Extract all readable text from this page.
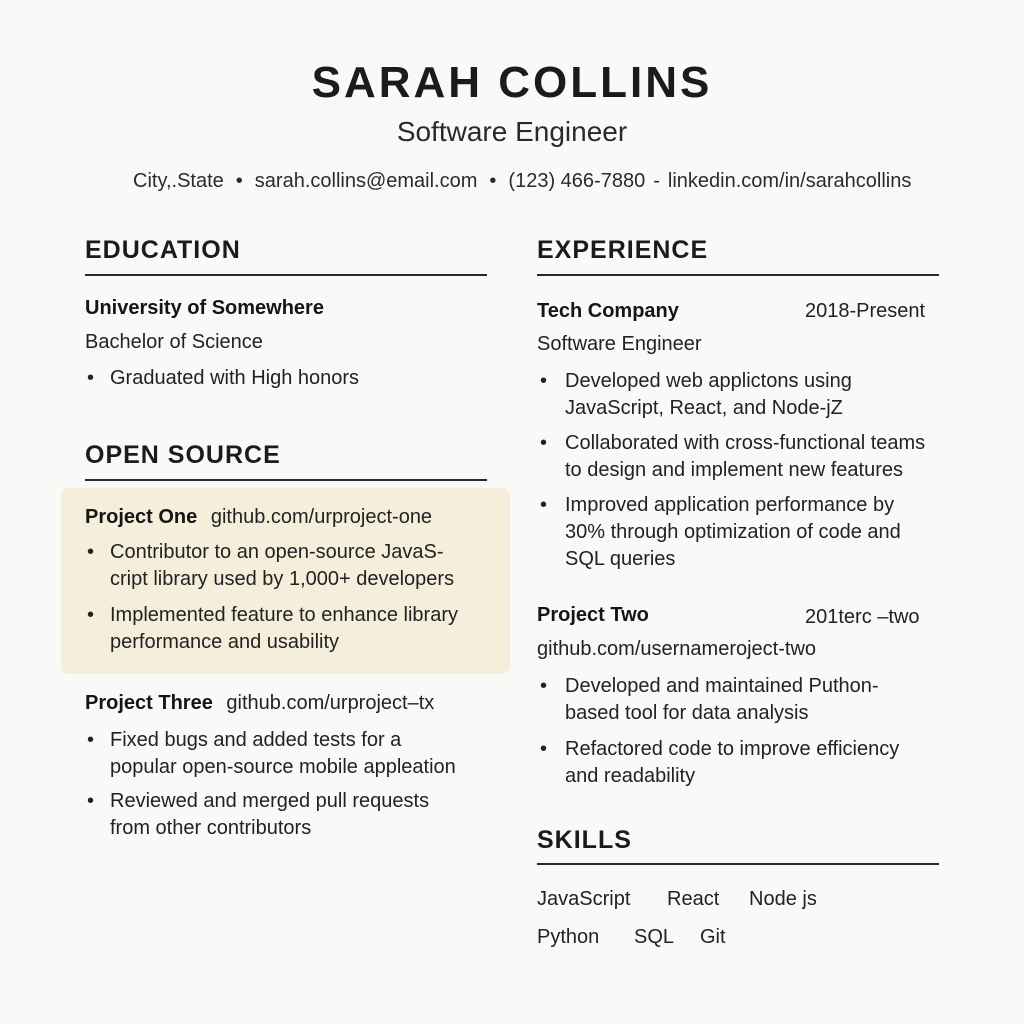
SARAH COLLINS
Software Engineer
City,.State • sarah.collins@email.com • (123) 466-7880 - linkedin.com/in/sarahcollins
EDUCATION
University of Somewhere
Bachelor of Science
• Graduated with High honors
OPEN SOURCE
Project One github.com/urproject-one
• Contributor to an open-source JavaS-
cript library used by 1,000+ developers
• Implemented feature to enhance library
performance and usability
Project Three github.com/urproject–tx
• Fixed bugs and added tests for a
popular open-source mobile appleation
• Reviewed and merged pull requests
from other contributors
EXPERIENCE
Tech Company	2018-Present
Software Engineer
• Developed web applictons using
JavaScript, React, and Node-jZ
• Collaborated with cross-functional teams
to design and implement new features
• Improved application performance by
30% through optimization of code and
SQL queries
Project Two	201terc –two
github.com/usernameroject-two
• Developed and maintained Puthon-
based tool for data analysis
• Refactored code to improve efficiency
and readability
SKILLS
JavaScript React Node js
Python SQL Git
